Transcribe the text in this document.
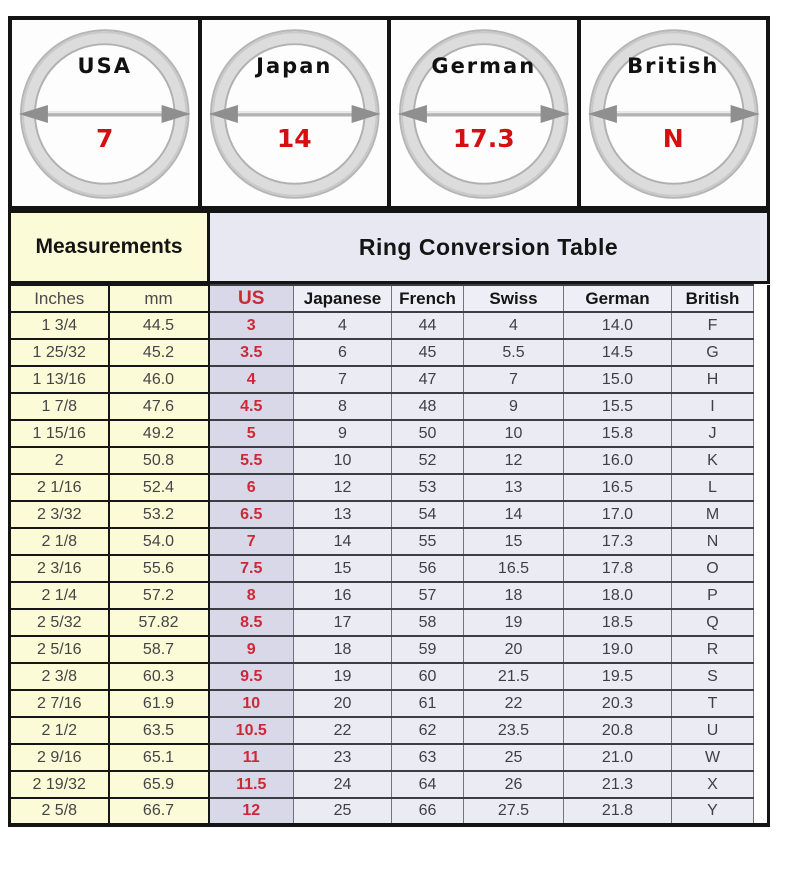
USA
7
Japan
14
German
17.3
British
N
Measurements	Ring Conversion Table
Inches	mm	US	Japanese	French	Swiss	German	British	
1 3/4	44.5	3	4	44	4	14.0	F	
1 25/32	45.2	3.5	6	45	5.5	14.5	G	
1 13/16	46.0	4	7	47	7	15.0	H	
1 7/8	47.6	4.5	8	48	9	15.5	I	
1 15/16	49.2	5	9	50	10	15.8	J	
2	50.8	5.5	10	52	12	16.0	K	
2 1/16	52.4	6	12	53	13	16.5	L	
2 3/32	53.2	6.5	13	54	14	17.0	M	
2 1/8	54.0	7	14	55	15	17.3	N	
2 3/16	55.6	7.5	15	56	16.5	17.8	O	
2 1/4	57.2	8	16	57	18	18.0	P	
2 5/32	57.82	8.5	17	58	19	18.5	Q	
2 5/16	58.7	9	18	59	20	19.0	R	
2 3/8	60.3	9.5	19	60	21.5	19.5	S	
2 7/16	61.9	10	20	61	22	20.3	T	
2 1/2	63.5	10.5	22	62	23.5	20.8	U	
2 9/16	65.1	11	23	63	25	21.0	W	
2 19/32	65.9	11.5	24	64	26	21.3	X	
2 5/8	66.7	12	25	66	27.5	21.8	Y	
